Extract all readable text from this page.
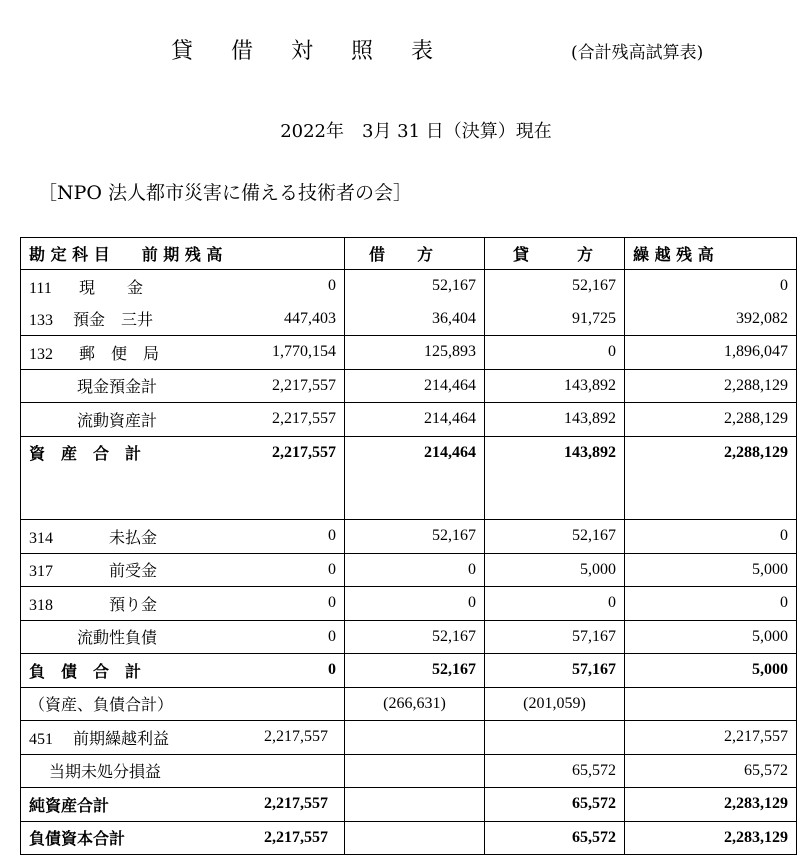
貸借対照表	(合計残高試算表)
2022年　3月 31 日（決算）現在
［NPO 法人都市災害に備える技術者の会］
勘 定 科 目　　前 期 残 高	借　　方	貸　　　方	繰 越 残 高
111 現　　金 0	52,167	52,167	0
133 預金　三井 447,403	36,404	91,725	392,082
132 郵　便　局 1,770,154	125,893	0	1,896,047
現金預金計 2,217,557	214,464	143,892	2,288,129
流動資産計 2,217,557	214,464	143,892	2,288,129
資　産　合　計 2,217,557	214,464	143,892	2,288,129

314 未払金 0	52,167	52,167	0
317 前受金 0	0	5,000	5,000
318 預り金 0	0	0	0
流動性負債 0	52,167	57,167	5,000
負　債　合　計 0	52,167	57,167	5,000
（資産、負債合計）	(266,631)	(201,059)	
451 前期繰越利益 2,217,557			2,217,557
当期未処分損益		65,572	65,572
純資産合計 2,217,557		65,572	2,283,129
負債資本合計 2,217,557		65,572	2,283,129
